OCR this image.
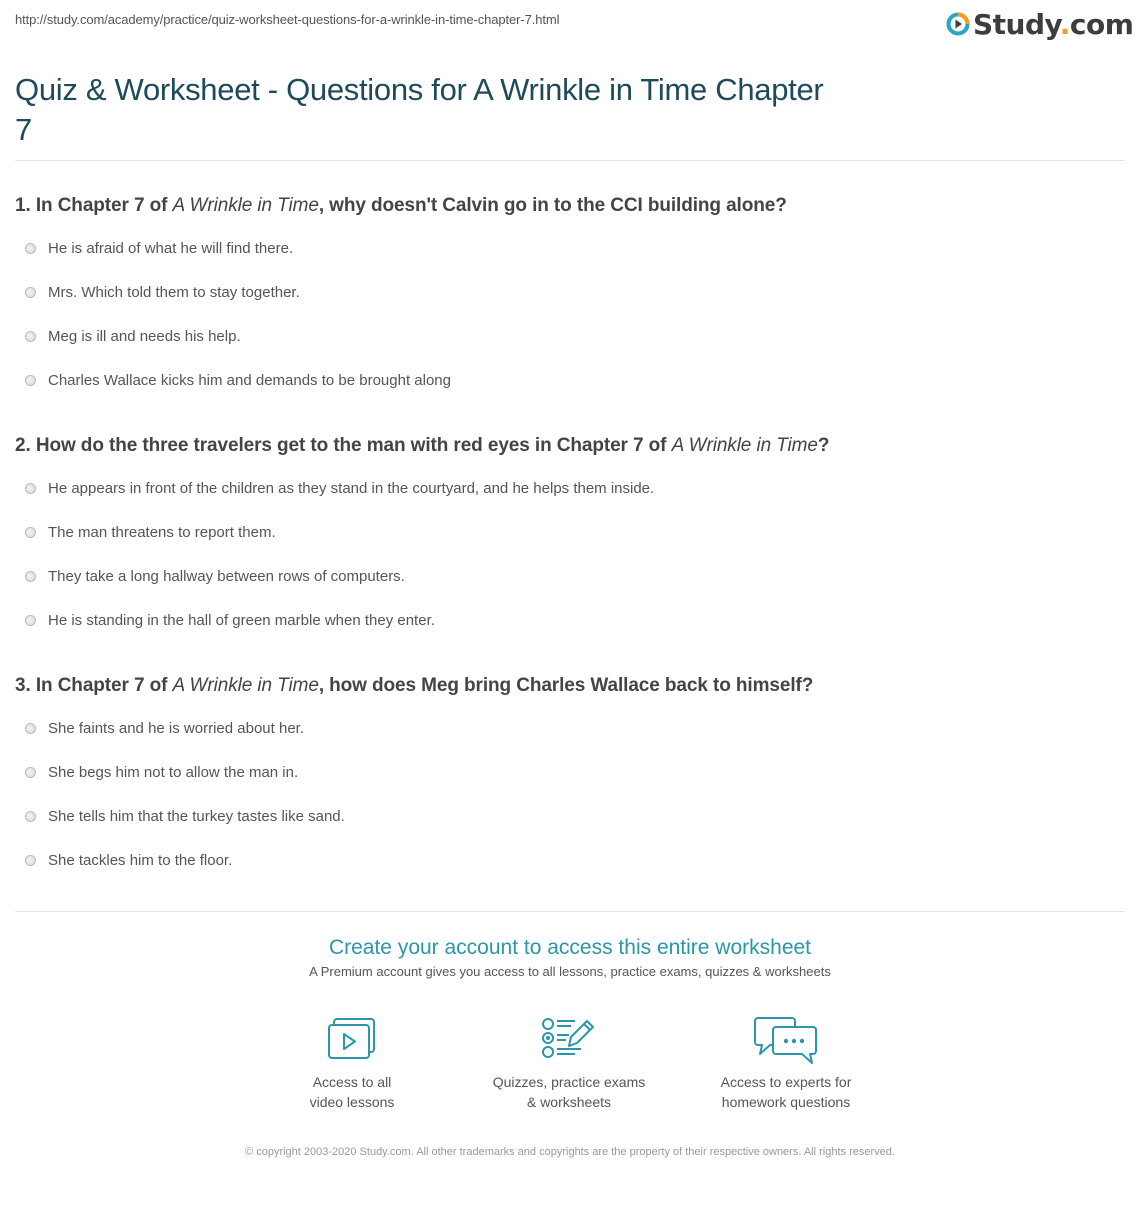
http://study.com/academy/practice/quiz-worksheet-questions-for-a-wrinkle-in-time-chapter-7.html	Study.com
Quiz & Worksheet - Questions for A Wrinkle in Time Chapter 7

1. In Chapter 7 of A Wrinkle in Time, why doesn't Calvin go in to the CCI building alone?

He is afraid of what he will find there.
Mrs. Which told them to stay together.
Meg is ill and needs his help.
Charles Wallace kicks him and demands to be brought along

2. How do the three travelers get to the man with red eyes in Chapter 7 of A Wrinkle in Time?

He appears in front of the children as they stand in the courtyard, and he helps them inside.
The man threatens to report them.
They take a long hallway between rows of computers.
He is standing in the hall of green marble when they enter.

3. In Chapter 7 of A Wrinkle in Time, how does Meg bring Charles Wallace back to himself?

She faints and he is worried about her.
She begs him not to allow the man in.
She tells him that the turkey tastes like sand.
She tackles him to the floor.

Create your account to access this entire worksheet

A Premium account gives you access to all lessons, practice exams, quizzes & worksheets
Access to all
video lessons
Quizzes, practice exams
& worksheets
Access to experts for
homework questions
© copyright 2003-2020 Study.com. All other trademarks and copyrights are the property of their respective owners. All rights reserved.
